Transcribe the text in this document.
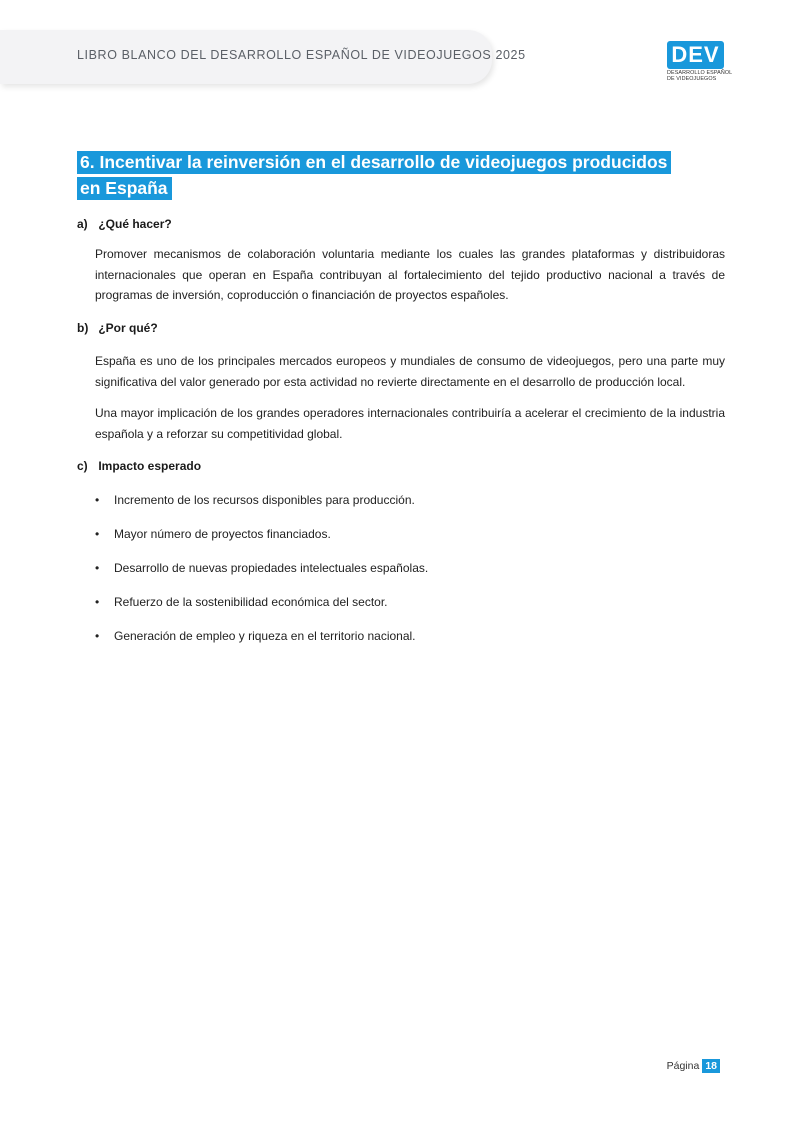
LIBRO BLANCO DEL DESARROLLO ESPAÑOL DE VIDEOJUEGOS 2025	DEV
DESARROLLO ESPAÑOL
DE VIDEOJUEGOS
6. Incentivar la reinversión en el desarrollo de videojuegos producidos
en España
a) ¿Qué hacer?
Promover mecanismos de colaboración voluntaria mediante los cuales las grandes plataformas y distribuidoras internacionales que operan en España contribuyan al fortalecimiento del tejido productivo nacional a través de programas de inversión, coproducción o financiación de proyectos españoles.
b) ¿Por qué?
España es uno de los principales mercados europeos y mundiales de consumo de videojuegos, pero una parte muy significativa del valor generado por esta actividad no revierte directamente en el desarrollo de producción local.
Una mayor implicación de los grandes operadores internacionales contribuiría a acelerar el crecimiento de la industria española y a reforzar su competitividad global.
c) Impacto esperado
• Incremento de los recursos disponibles para producción.
• Mayor número de proyectos financiados.
• Desarrollo de nuevas propiedades intelectuales españolas.
• Refuerzo de la sostenibilidad económica del sector.
• Generación de empleo y riqueza en el territorio nacional.
Página 18
